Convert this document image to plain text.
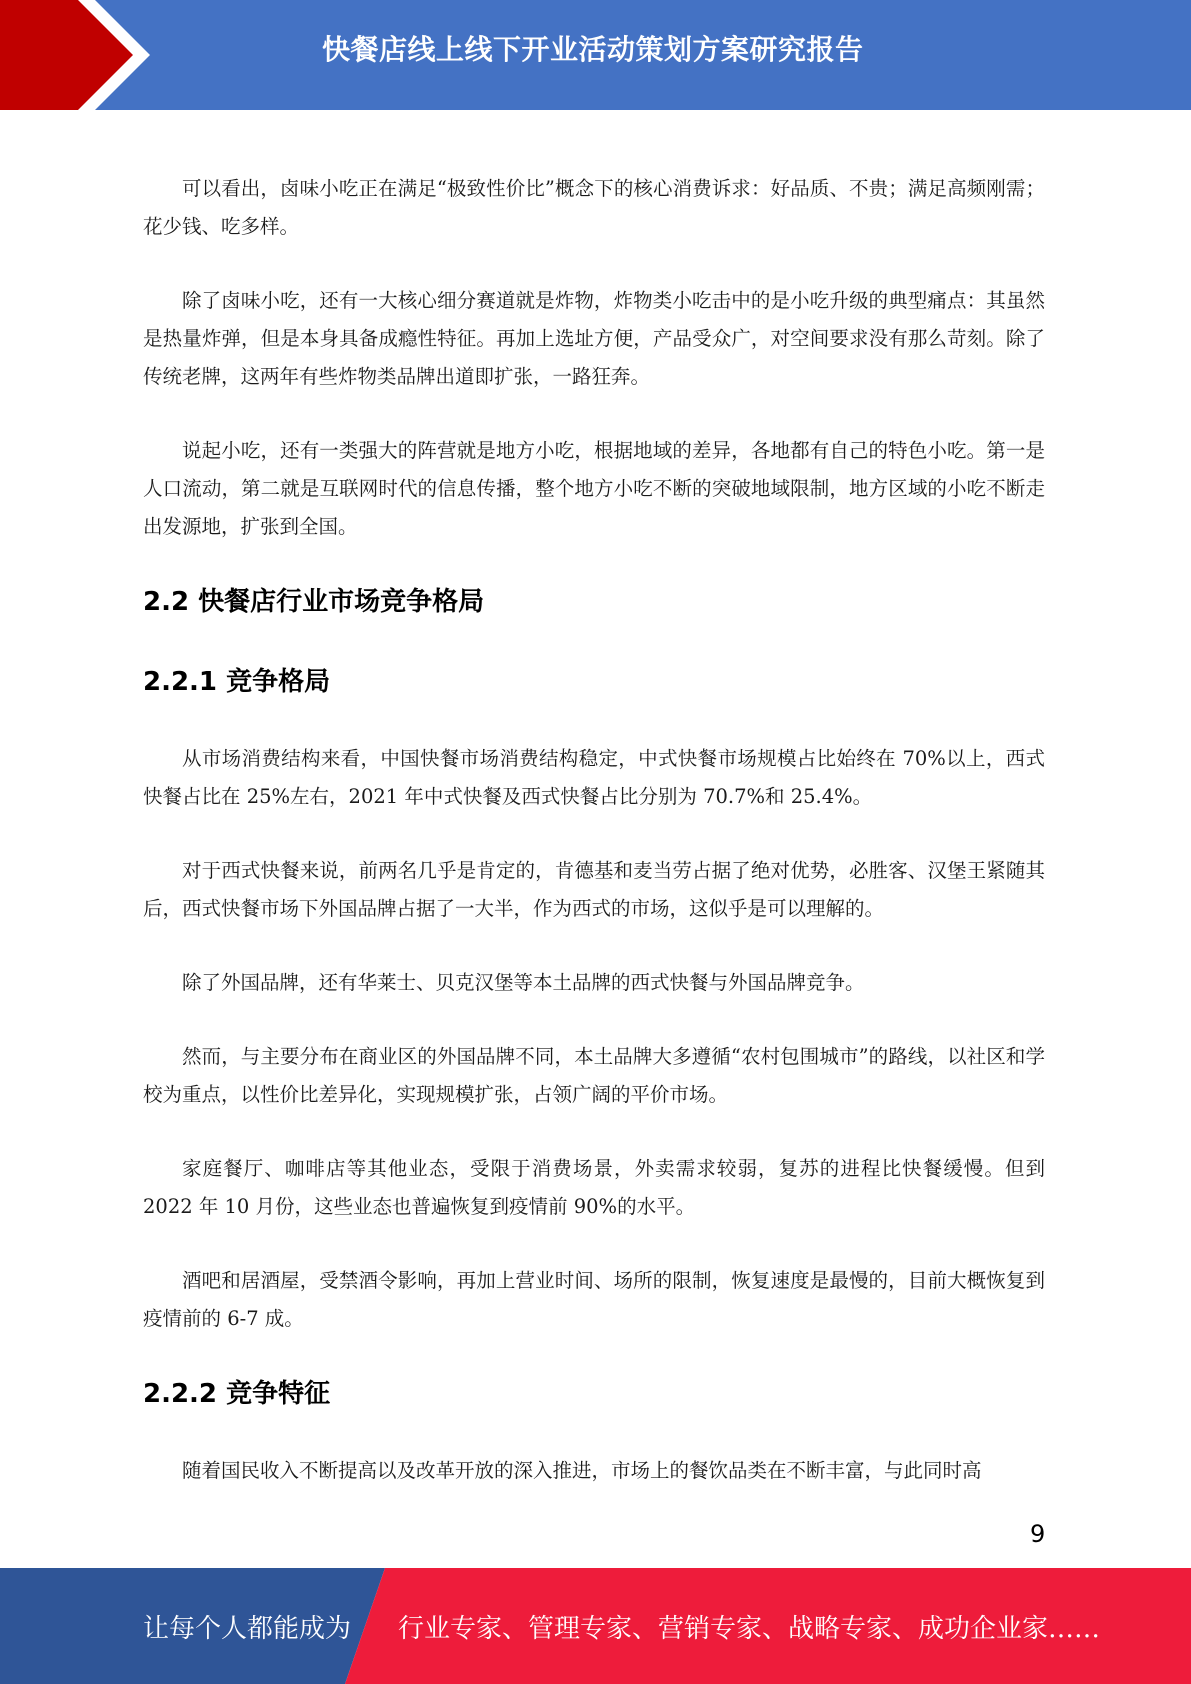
快餐店线上线下开业活动策划方案研究报告

可以看出，卤味小吃正在满足“极致性价比”概念下的核心消费诉求：好品质、不贵；满足高频刚需；花少钱、吃多样。

除了卤味小吃，还有一大核心细分赛道就是炸物，炸物类小吃击中的是小吃升级的典型痛点：其虽然是热量炸弹，但是本身具备成瘾性特征。再加上选址方便，产品受众广，对空间要求没有那么苛刻。除了传统老牌，这两年有些炸物类品牌出道即扩张，一路狂奔。

说起小吃，还有一类强大的阵营就是地方小吃，根据地域的差异，各地都有自己的特色小吃。第一是人口流动，第二就是互联网时代的信息传播，整个地方小吃不断的突破地域限制，地方区域的小吃不断走出发源地，扩张到全国。

2.2 快餐店行业市场竞争格局
2.2.1 竞争格局

从市场消费结构来看，中国快餐市场消费结构稳定，中式快餐市场规模占比始终在 70%以上，西式快餐占比在 25%左右，2021 年中式快餐及西式快餐占比分别为 70.7%和 25.4%。

对于西式快餐来说，前两名几乎是肯定的，肯德基和麦当劳占据了绝对优势，必胜客、汉堡王紧随其后，西式快餐市场下外国品牌占据了一大半，作为西式的市场，这似乎是可以理解的。

除了外国品牌，还有华莱士、贝克汉堡等本土品牌的西式快餐与外国品牌竞争。

然而，与主要分布在商业区的外国品牌不同，本土品牌大多遵循“农村包围城市”的路线，以社区和学校为重点，以性价比差异化，实现规模扩张，占领广阔的平价市场。

家庭餐厅、咖啡店等其他业态，受限于消费场景，外卖需求较弱，复苏的进程比快餐缓慢。但到 2022 年 10 月份，这些业态也普遍恢复到疫情前 90%的水平。

酒吧和居酒屋，受禁酒令影响，再加上营业时间、场所的限制，恢复速度是最慢的，目前大概恢复到疫情前的 6-7 成。

2.2.2 竞争特征

随着国民收入不断提高以及改革开放的深入推进，市场上的餐饮品类在不断丰富，与此同时高

9
让每个人都能成为 行业专家、管理专家、营销专家、战略专家、成功企业家……
